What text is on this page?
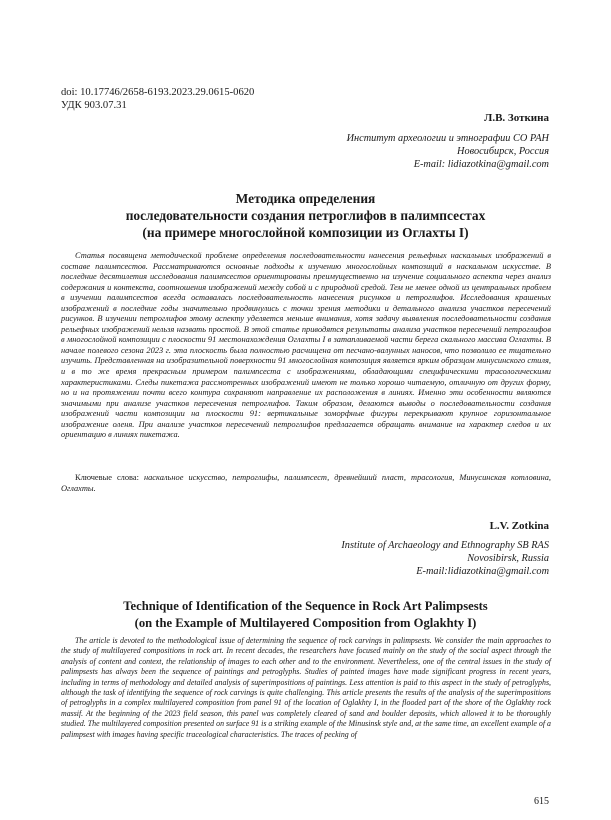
doi: 10.17746/2658-6193.2023.29.0615-0620
УДК 903.07.31
Л.В. Зоткина
Институт археологии и этнографии СО РАН
Новосибирск, Россия
E-mail: lidiazotkina@gmail.com
Методика определения
последовательности создания петроглифов в палимпсестах
(на примере многослойной композиции из Оглахты I)
Статья посвящена методической проблеме определения последовательности нанесения рельефных наскальных изображений в составе палимпсестов. Рассматриваются основные подходы к изучению многослойных композиций в наскальном искусстве. В последние десятилетия исследования палимпсестов ориентированы преимущественно на изучение социального аспекта через анализ содержания и контекста, соотношения изображений между собой и с природной средой. Тем не менее одной из центральных проблем в изучении палимпсестов всегда оставалась последовательность нанесения рисунков и петроглифов. Исследования крашеных изображений в последние годы значительно продвинулись с точки зрения методики и детального анализа участков пересечений рисунков. В изучении петроглифов этому аспекту уделяется меньше внимания, хотя задачу выявления последовательности создания рельефных изображений нельзя назвать простой. В этой статье приводятся результаты анализа участков пересечений петроглифов в многослойной композиции с плоскости 91 местонахождения Оглахты I в затапливаемой части берега скального массива Оглахты. В начале полевого сезона 2023 г. эта плоскость была полностью расчищена от песчано-валунных наносов, что позволило ее тщательно изучить. Представленная на изобразительной поверхности 91 многослойная композиция является ярким образцом минусинского стиля, и в то же время прекрасным примером палимпсеста с изображениями, обладающими специфическими трасологическими характеристиками. Следы пикетажа рассмотренных изображений имеют не только хорошо читаемую, отличную от других форму, но и на протяжении почти всего контура сохраняют направление их расположения в линиях. Именно эти особенности являются значимыми при анализе участков пересечения петроглифов. Таким образом, делаются выводы о последовательности создания изображений части композиции на плоскости 91: вертикальные зоморфные фигуры перекрывают крупное горизонтальное изображение оленя. При анализе участков пересечений петроглифов предлагается обращать внимание на характер следов и их ориентацию в линиях пикетажа.
Ключевые слова: наскальное искусство, петроглифы, палимпсест, древнейший пласт, трасология, Минусинская котловина, Оглахты.
L.V. Zotkina
Institute of Archaeology and Ethnography SB RAS
Novosibirsk, Russia
E-mail:lidiazotkina@gmail.com
Technique of Identification of the Sequence in Rock Art Palimpsests
(on the Example of Multilayered Composition from Oglakhty I)
The article is devoted to the methodological issue of determining the sequence of rock carvings in palimpsests. We consider the main approaches to the study of multilayered compositions in rock art. In recent decades, the researchers have focused mainly on the study of the social aspect through the analysis of content and context, the relationship of images to each other and to the environment. Nevertheless, one of the central issues in the study of palimpsests has always been the sequence of paintings and petroglyphs. Studies of painted images have made significant progress in recent years, including in terms of methodology and detailed analysis of superimpositions of paintings. Less attention is paid to this aspect in the study of petroglyphs, although the task of identifying the sequence of rock carvings is quite challenging. This article presents the results of the analysis of the superimpositions of petroglyphs in a complex multilayered composition from panel 91 of the location of Oglakhty I, in the flooded part of the shore of the Oglakhty rock massif. At the beginning of the 2023 field season, this panel was completely cleared of sand and boulder deposits, which allowed it to be thoroughly studied. The multilayered composition presented on surface 91 is a striking example of the Minusinsk style and, at the same time, an excellent example of a palimpsest with images having specific traceological characteristics. The traces of pecking of
615
